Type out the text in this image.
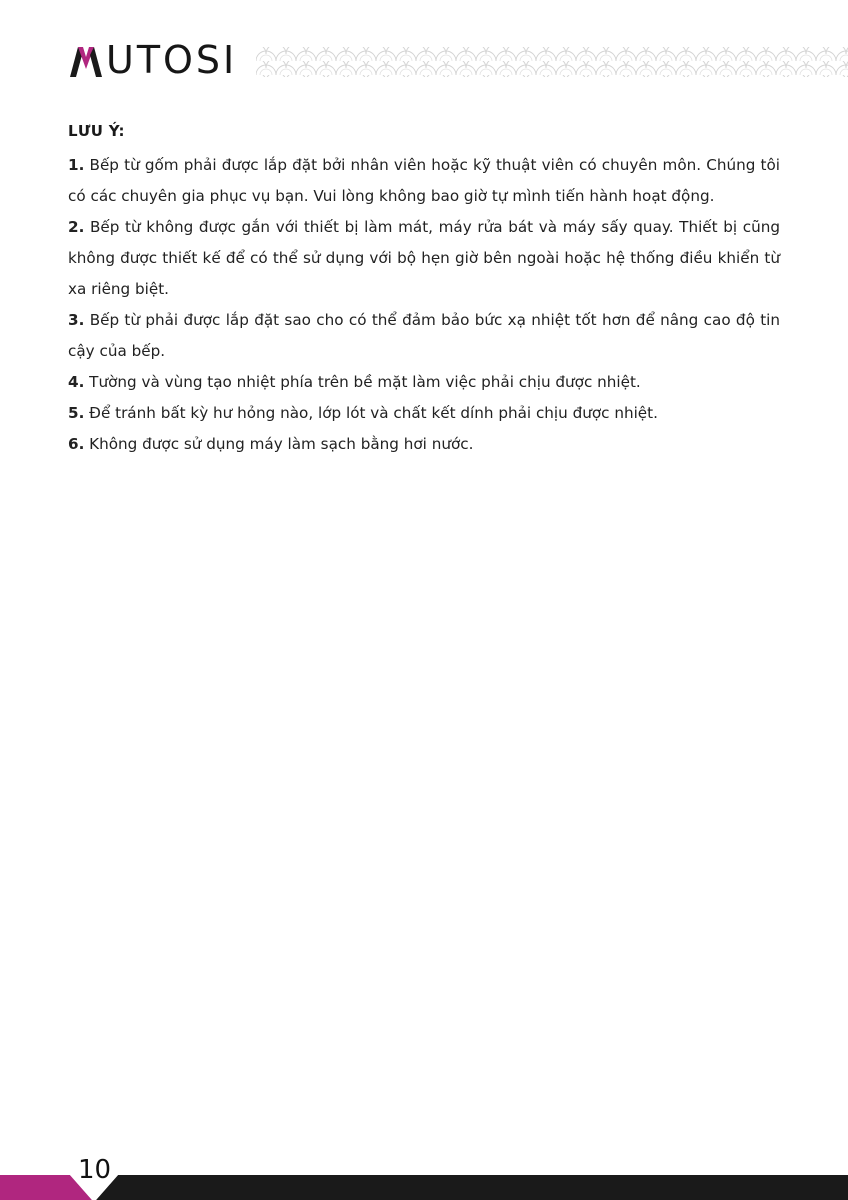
UTOSI
LƯU Ý:

1. Bếp từ gốm phải được lắp đặt bởi nhân viên hoặc kỹ thuật viên có chuyên môn. Chúng tôi có các chuyên gia phục vụ bạn. Vui lòng không bao giờ tự mình tiến hành hoạt động.

2. Bếp từ không được gắn với thiết bị làm mát, máy rửa bát và máy sấy quay. Thiết bị cũng không được thiết kế để có thể sử dụng với bộ hẹn giờ bên ngoài hoặc hệ thống điều khiển từ xa riêng biệt.

3. Bếp từ phải được lắp đặt sao cho có thể đảm bảo bức xạ nhiệt tốt hơn để nâng cao độ tin cậy của bếp.

4. Tường và vùng tạo nhiệt phía trên bề mặt làm việc phải chịu được nhiệt.

5. Để tránh bất kỳ hư hỏng nào, lớp lót và chất kết dính phải chịu được nhiệt.

6. Không được sử dụng máy làm sạch bằng hơi nước.

10
